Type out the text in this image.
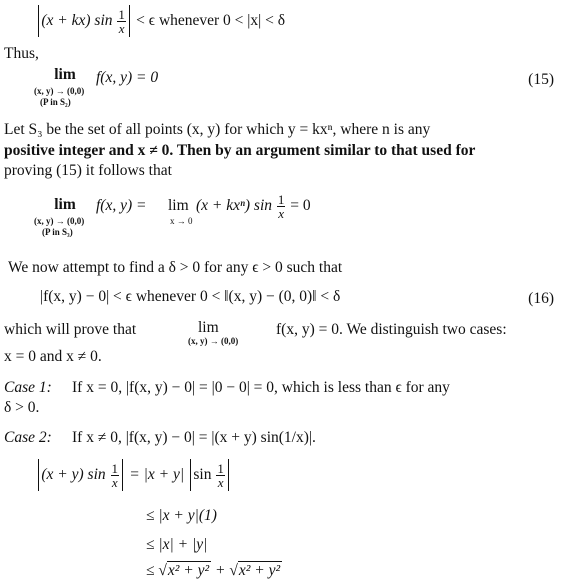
(x + kx) $\sin \frac{1}{x} < \epsilon$ whenever 0 < |x| < δ
Thus,
lim
(x, y) → (0,0)
(P in S₂)
f(x, y) = 0	(15)
Let S₃ be the set of all points (x, y) for which y = kxⁿ, where n is any
positive integer and x ≠ 0. Then by an argument similar to that used for
proving (15) it follows that
lim
(x, y) → (0,0)
(P in S₃)
f(x, y) = lim
x → 0
(x + kxⁿ) $\sin \frac{1}{x} = 0$
We now attempt to find a δ > 0 for any ϵ > 0 such that
|f(x, y) − 0| < ϵ whenever 0 < ‖(x, y) − (0, 0)‖ < δ	(16)
which will prove that	lim
(x, y) → (0,0)
f(x, y) = 0. We distinguish two cases:
x = 0 and x ≠ 0.
Case 1: If x = 0, |f(x, y) − 0| = |0 − 0| = 0, which is less than ϵ for any
δ > 0.
Case 2: If x ≠ 0, |f(x, y) − 0| = |(x + y) sin(1/x)|.
(x + y) $\sin \frac{1}{x} = |x + y|$ $\sin \frac{1}{x}$
≤ |x + y|(1)
≤ |x| + |y|
≤ √x² + y² + √x² + y²
